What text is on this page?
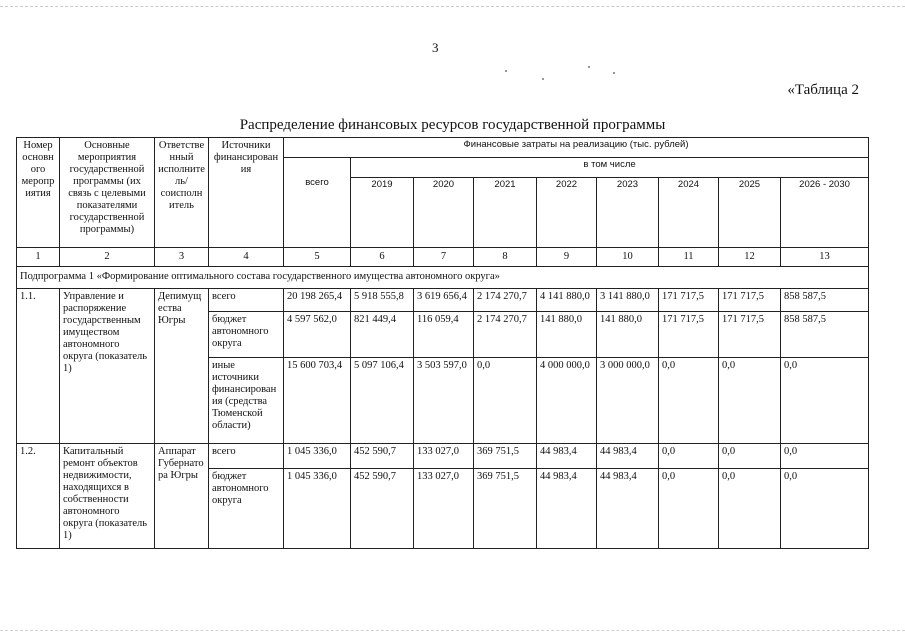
3
«Таблица 2
Распределение финансовых ресурсов государственной программы
Номер основного мероприятия	Основные мероприятия государственной программы (их связь с целевыми показателями государственной программы)	Ответственный исполнитель/ соисполнитель	Источники финансирования	Финансовые затраты на реализацию (тыс. рублей)								
				всего	в том числе							
					2019	2020	2021	2022	2023	2024	2025	2026 - 2030
1	2	3	4	5	6	7	8	9	10	11	12	13
Подпрограмма 1 «Формирование оптимального состава государственного имущества автономного округа»												
1.1.	Управление и распоряжение государственным имуществом автономного округа (показатель 1)	Депимущества Югры	всего	20 198 265,4	5 918 555,8	3 619 656,4	2 174 270,7	4 141 880,0	3 141 880,0	171 717,5	171 717,5	858 587,5
			бюджет автономного округа	4 597 562,0	821 449,4	116 059,4	2 174 270,7	141 880,0	141 880,0	171 717,5	171 717,5	858 587,5
			иные источники финансирования (средства Тюменской области)	15 600 703,4	5 097 106,4	3 503 597,0	0,0	4 000 000,0	3 000 000,0	0,0	0,0	0,0
1.2.	Капитальный ремонт объектов недвижимости, находящихся в собственности автономного округа (показатель 1)	Аппарат Губернатора Югры	всего	1 045 336,0	452 590,7	133 027,0	369 751,5	44 983,4	44 983,4	0,0	0,0	0,0
			бюджет автономного округа	1 045 336,0	452 590,7	133 027,0	369 751,5	44 983,4	44 983,4	0,0	0,0	0,0
